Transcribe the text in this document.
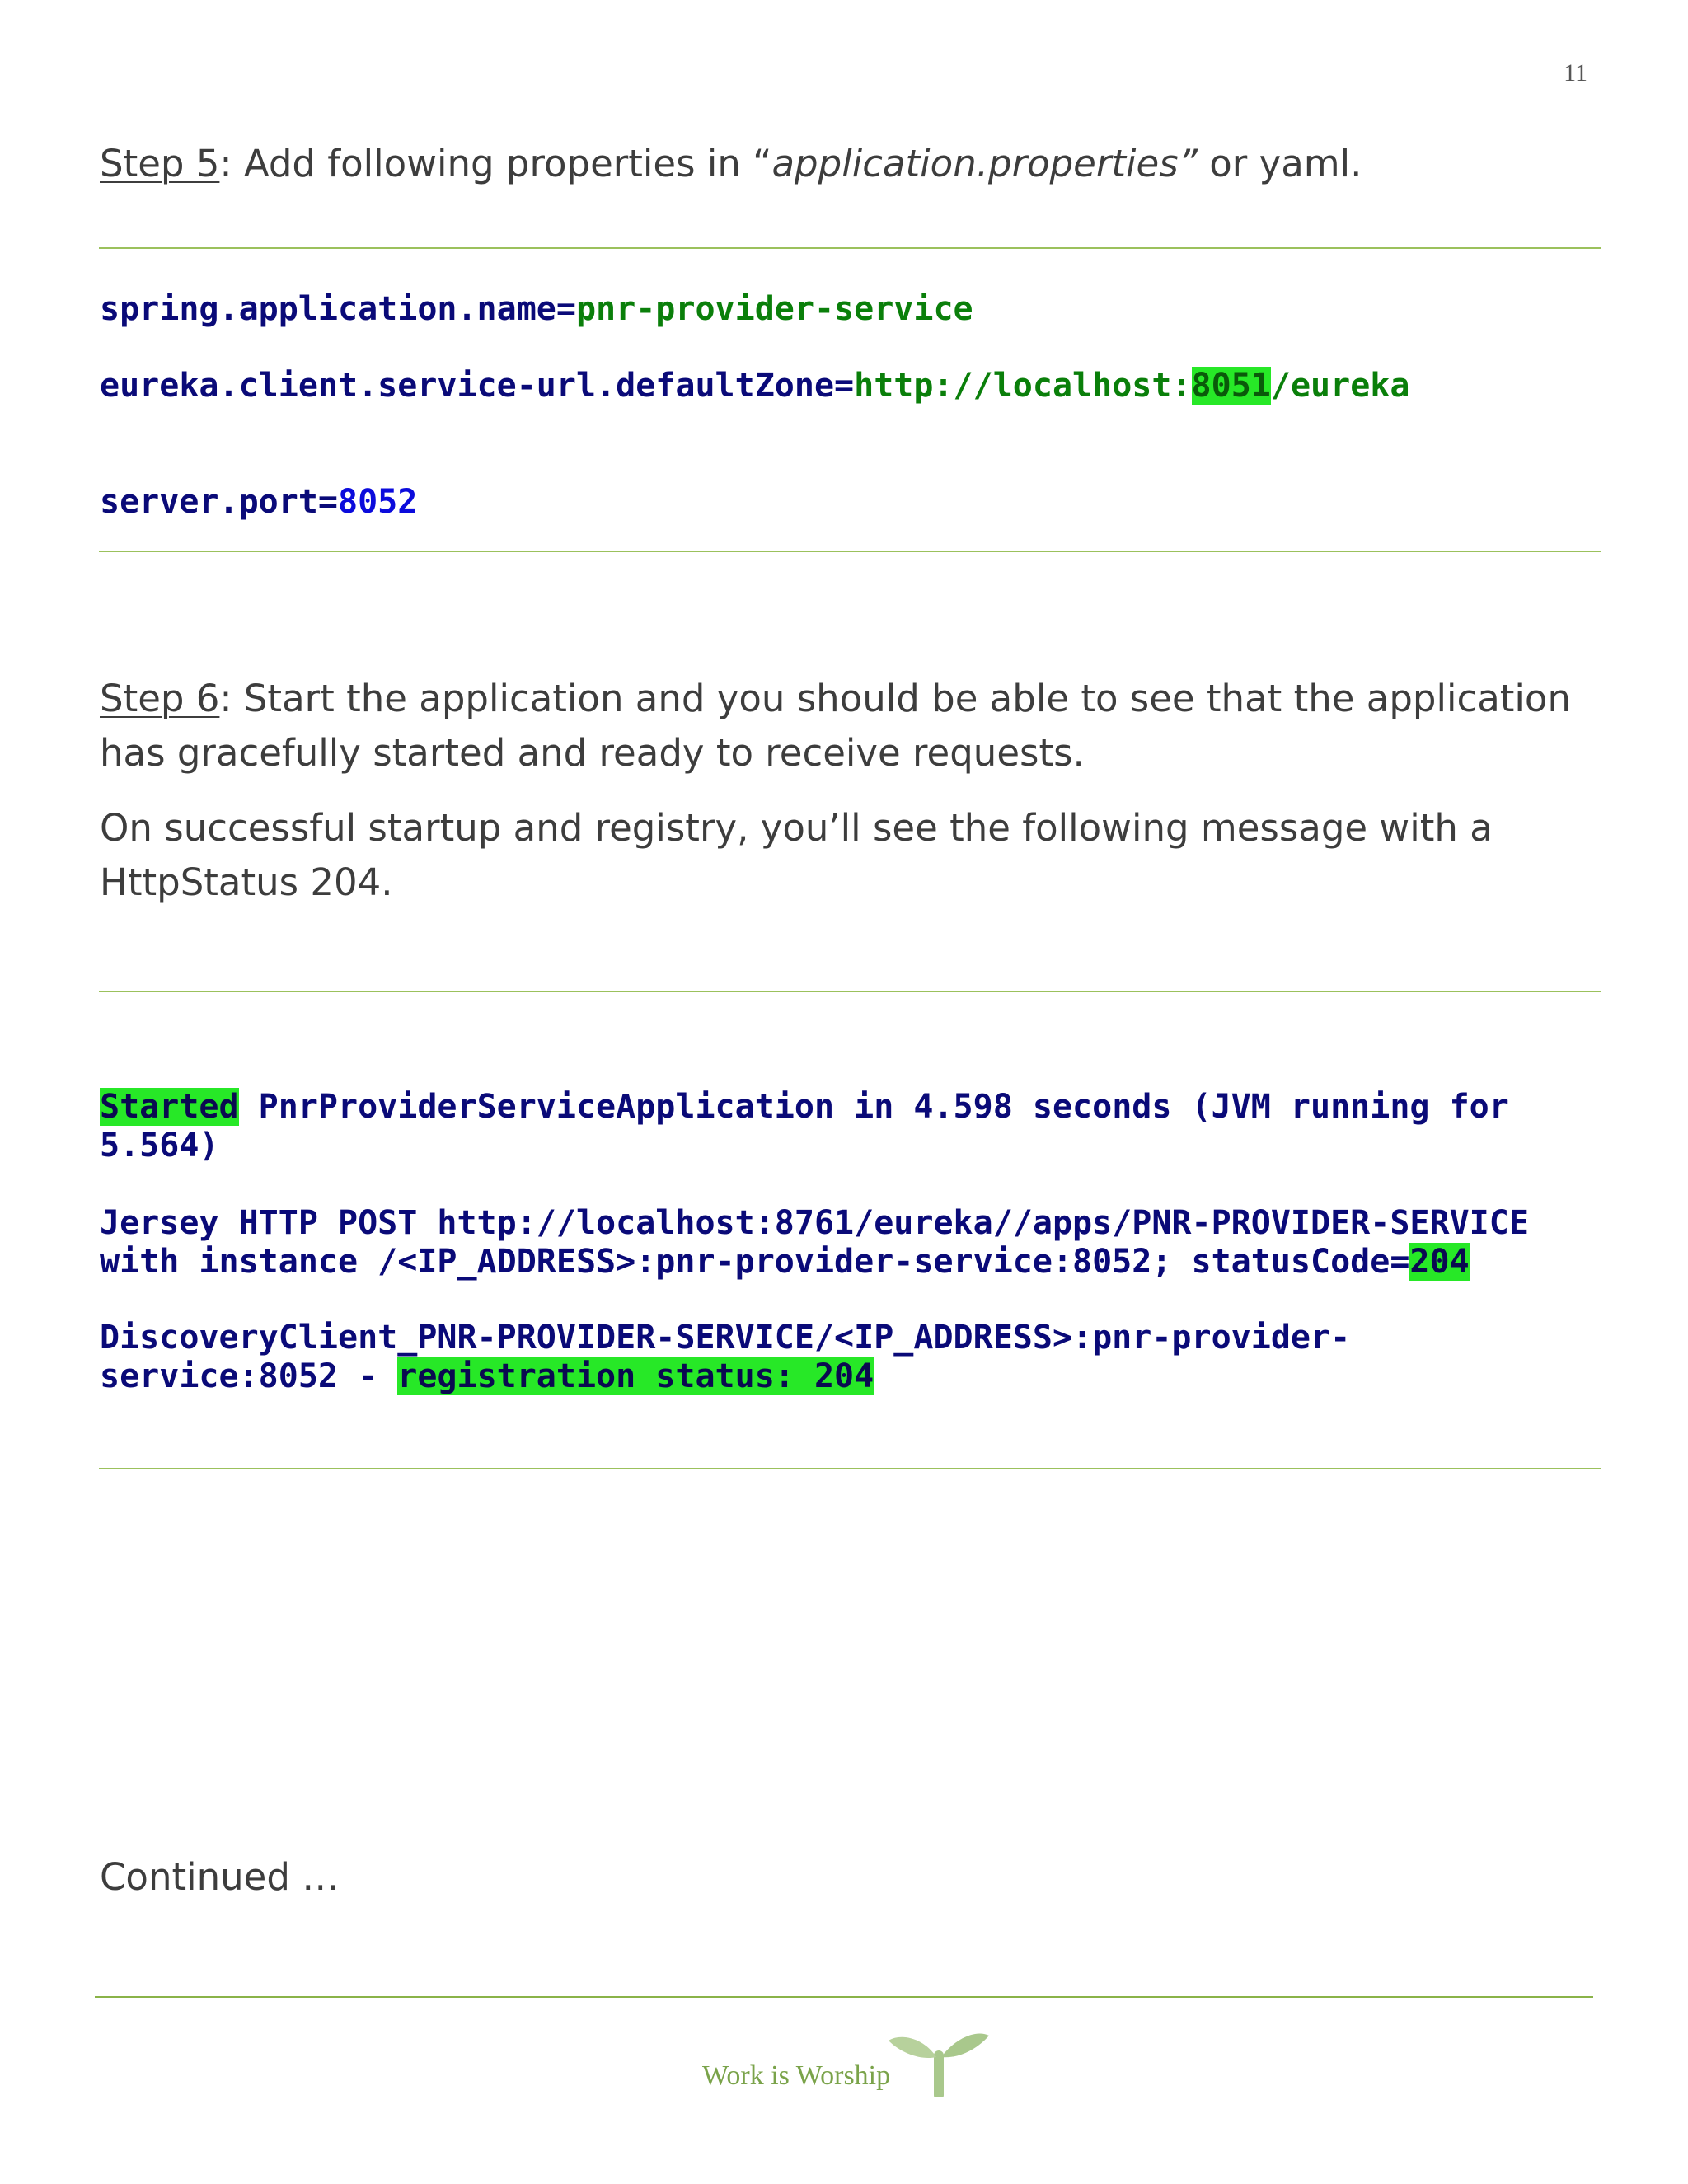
11
Step 5: Add following properties in “application.properties” or yaml.
spring.application.name=pnr-provider-service
eureka.client.service-url.defaultZone=http://localhost:8051/eureka
server.port=8052
Step 6: Start the application and you should be able to see that the application has gracefully started and ready to receive requests.
On successful startup and registry, you’ll see the following message with a HttpStatus 204.
Started PnrProviderServiceApplication in 4.598 seconds (JVM running for
5.564)
Jersey HTTP POST http://localhost:8761/eureka//apps/PNR-PROVIDER-SERVICE
with instance /<IP_ADDRESS>:pnr-provider-service:8052; statusCode=204
DiscoveryClient_PNR-PROVIDER-SERVICE/<IP_ADDRESS>:pnr-provider-
service:8052 - registration status: 204
Continued …
Work is Worship
